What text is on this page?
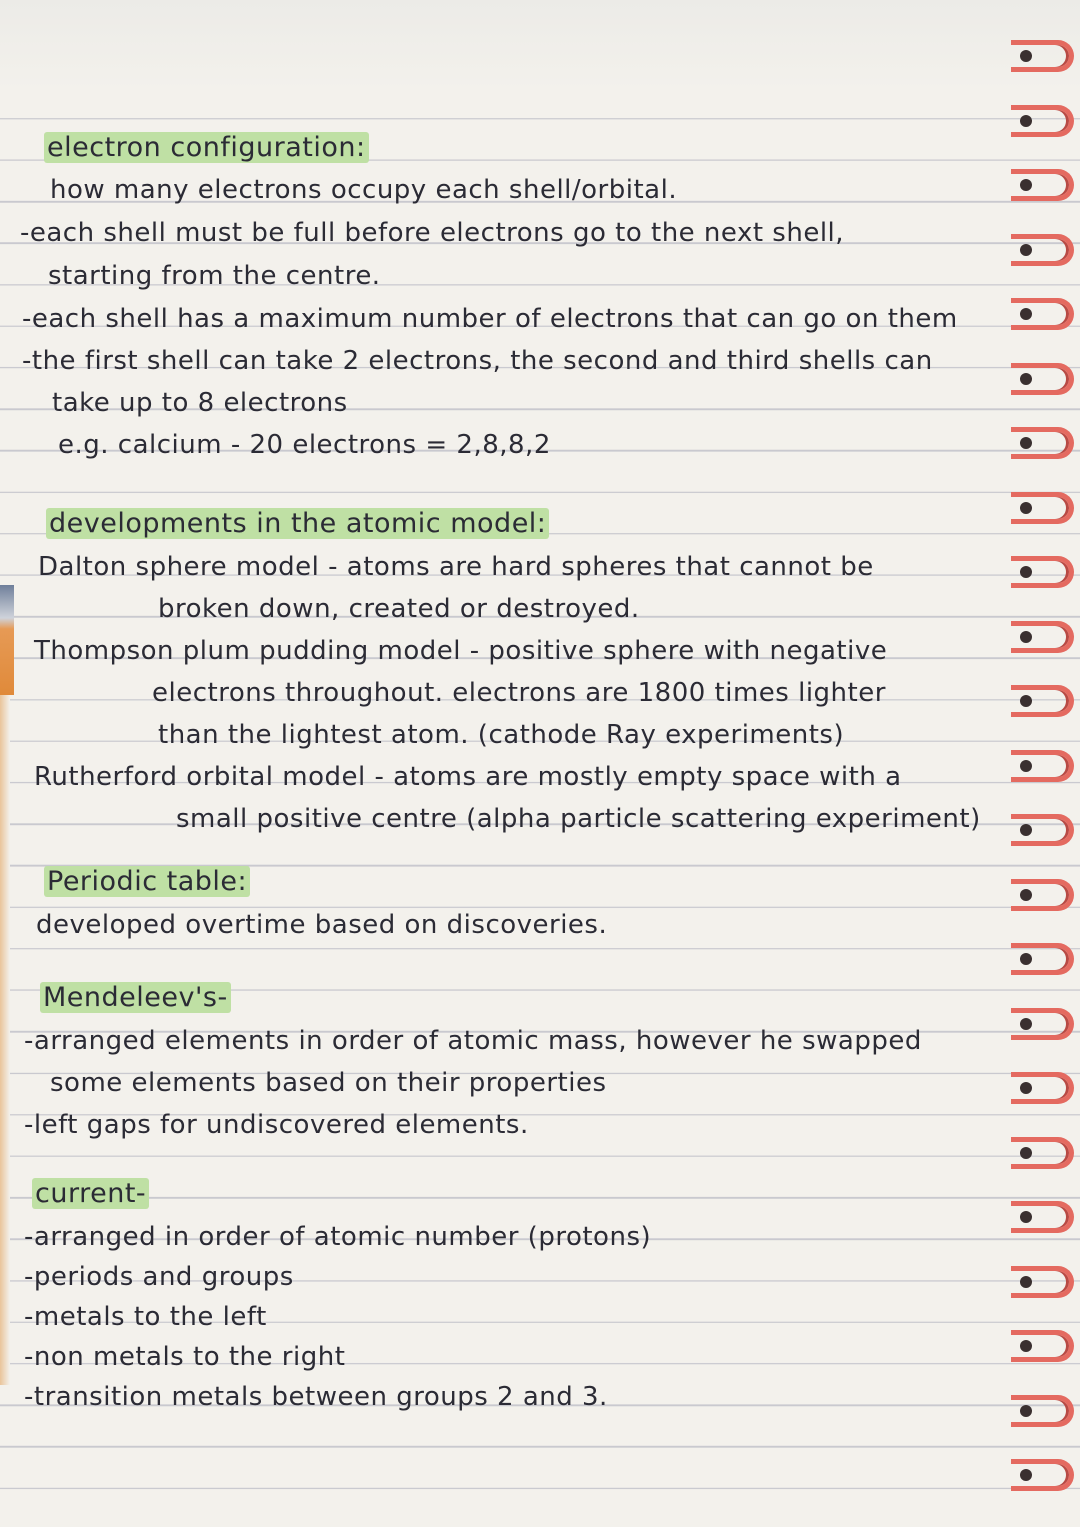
electron configuration:
how many electrons occupy each shell/orbital.
-each shell must be full before electrons go to the next shell,
starting from the centre.
-each shell has a maximum number of electrons that can go on them
-the first shell can take 2 electrons, the second and third shells can
take up to 8 electrons
e.g. calcium - 20 electrons = 2,8,8,2
developments in the atomic model:
Dalton sphere model - atoms are hard spheres that cannot be
broken down, created or destroyed.
Thompson plum pudding model - positive sphere with negative
electrons throughout. electrons are 1800 times lighter
than the lightest atom. (cathode Ray experiments)
Rutherford orbital model - atoms are mostly empty space with a
small positive centre (alpha particle scattering experiment)
Periodic table:
developed overtime based on discoveries.
Mendeleev's-
-arranged elements in order of atomic mass, however he swapped
some elements based on their properties
-left gaps for undiscovered elements.
current-
-arranged in order of atomic number (protons)
-periods and groups
-metals to the left
-non metals to the right
-transition metals between groups 2 and 3.
